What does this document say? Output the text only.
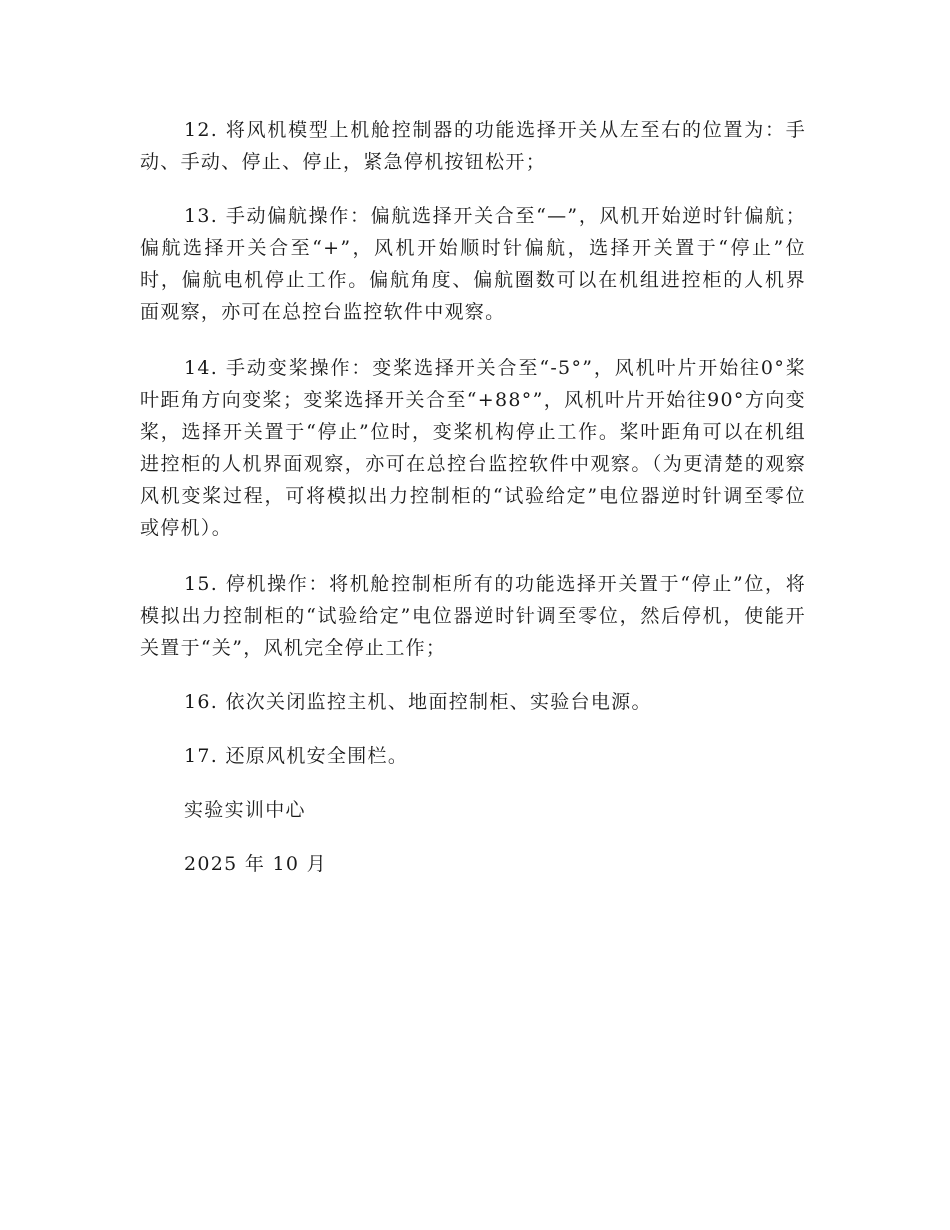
12. 将风机模型上机舱控制器的功能选择开关从左至右的位置为：手动、手动、停止、停止，紧急停机按钮松开；

13. 手动偏航操作：偏航选择开关合至“—”，风机开始逆时针偏航；偏航选择开关合至“+”，风机开始顺时针偏航，选择开关置于“停止”位时，偏航电机停止工作。偏航角度、偏航圈数可以在机组进控柜的人机界面观察，亦可在总控台监控软件中观察。

14. 手动变桨操作：变桨选择开关合至“-5°”，风机叶片开始往0°桨叶距角方向变桨；变桨选择开关合至“+88°”，风机叶片开始往90°方向变桨，选择开关置于“停止”位时，变桨机构停止工作。桨叶距角可以在机组进控柜的人机界面观察，亦可在总控台监控软件中观察。（为更清楚的观察风机变桨过程，可将模拟出力控制柜的“试验给定”电位器逆时针调至零位或停机）。

15. 停机操作：将机舱控制柜所有的功能选择开关置于“停止”位，将模拟出力控制柜的“试验给定”电位器逆时针调至零位，然后停机，使能开关置于“关”，风机完全停止工作；

16. 依次关闭监控主机、地面控制柜、实验台电源。

17. 还原风机安全围栏。

实验实训中心

2025 年 10 月
